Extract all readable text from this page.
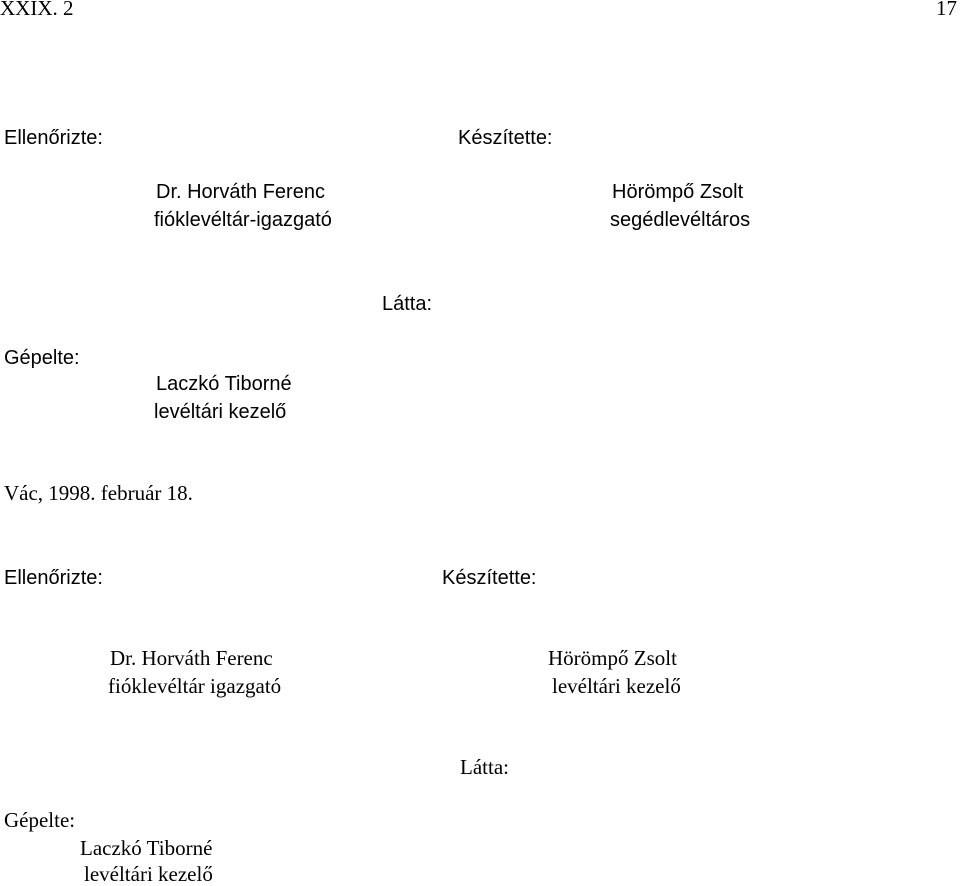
XXIX. 2	17
Ellenőrizte:	Készítette:
Dr. Horváth Ferenc
fióklevéltár-igazgató
Hörömpő Zsolt
segédlevéltáros
Látta:
Gépelte:
Laczkó Tiborné
levéltári kezelő
Vác, 1998. február 18.
Ellenőrizte:	Készítette:
Dr. Horváth Ferenc
fióklevéltár igazgató
Hörömpő Zsolt
levéltári kezelő
Látta:
Gépelte:
Laczkó Tiborné
levéltári kezelő
